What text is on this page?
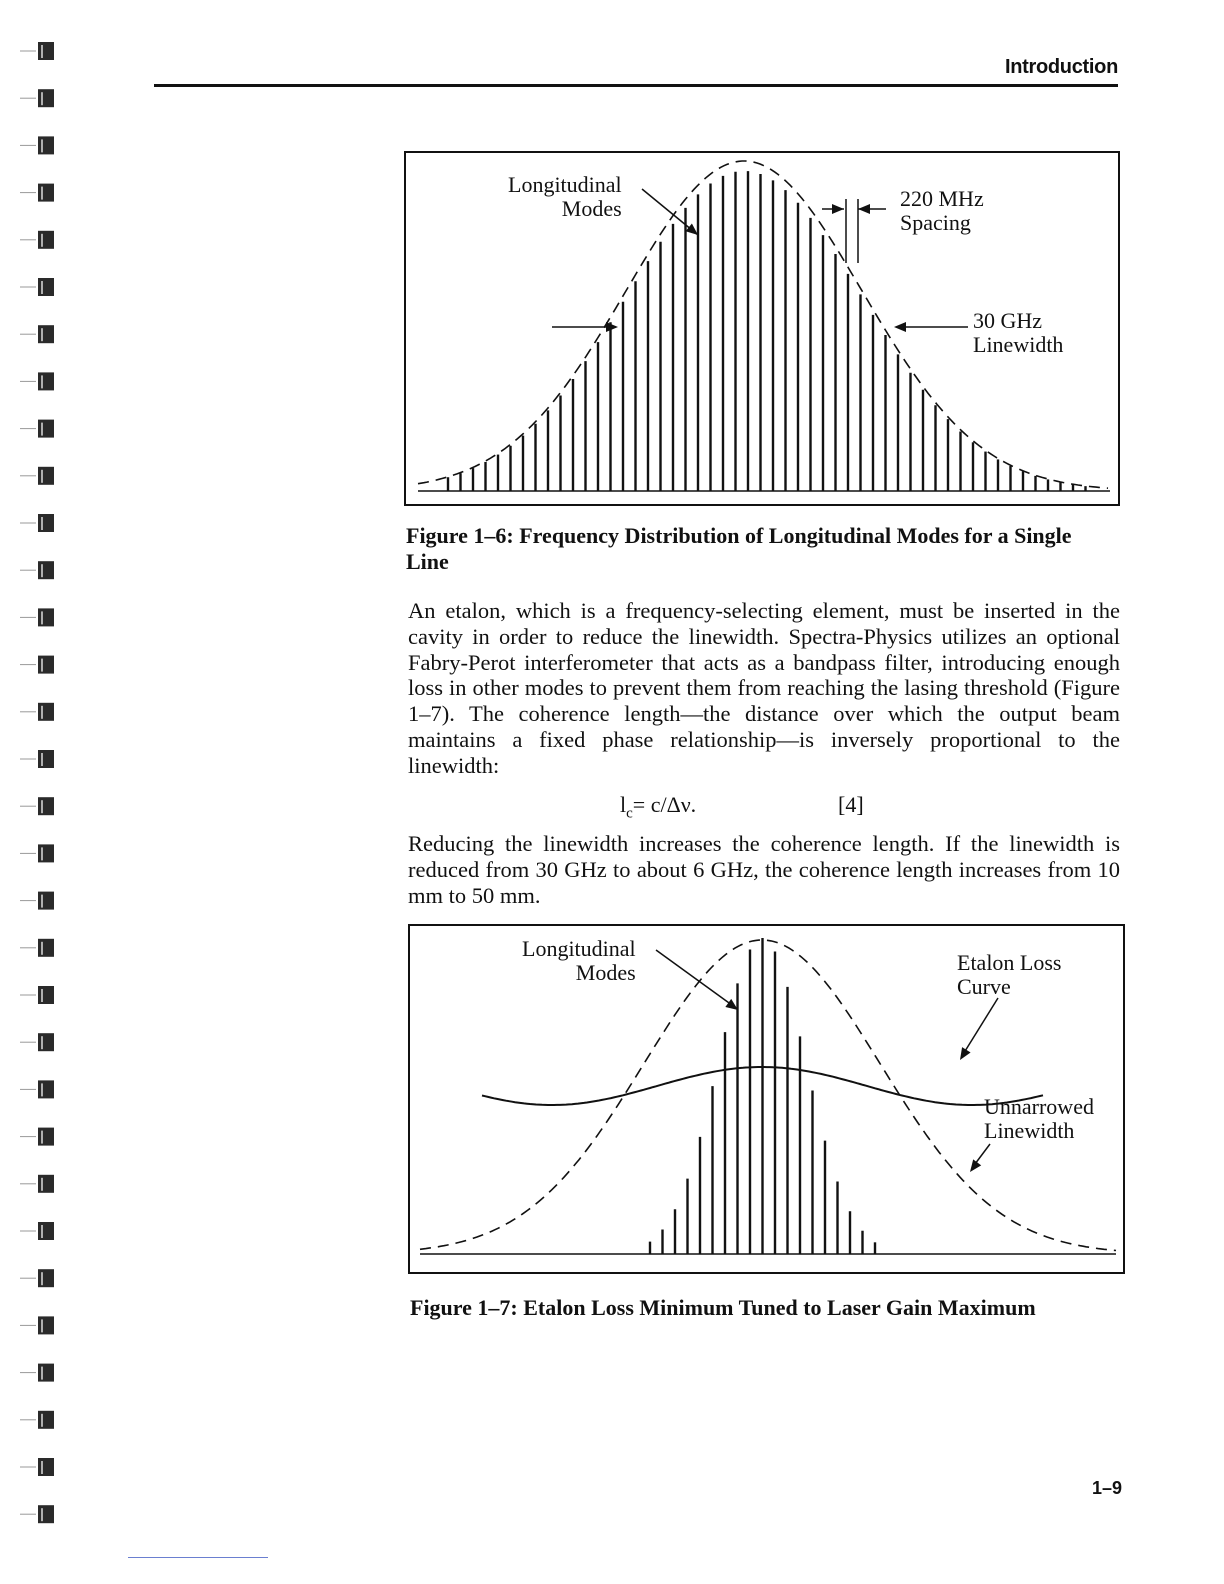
Introduction
Longitudinal
Modes	220 MHz
Spacing
30 GHz
Linewidth
Figure 1–6: Frequency Distribution of Longitudinal Modes for a Single Line

An etalon, which is a frequency-selecting element, must be inserted in the cavity in order to reduce the linewidth. Spectra-Physics utilizes an optional Fabry-Perot interferometer that acts as a bandpass filter, introducing enough loss in other modes to prevent them from reaching the lasing threshold (Figure 1–7). The coherence length—the distance over which the output beam maintains a fixed phase relationship—is inversely proportional to the linewidth:

$l_c= c/\Delta\nu$.	[4]

Reducing the linewidth increases the coherence length. If the linewidth is reduced from 30 GHz to about 6 GHz, the coherence length increases from 10 mm to 50 mm.

Longitudinal
Modes	Etalon Loss
Curve
Unnarrowed
Linewidth
Figure 1–7: Etalon Loss Minimum Tuned to Laser Gain Maximum
1–9
